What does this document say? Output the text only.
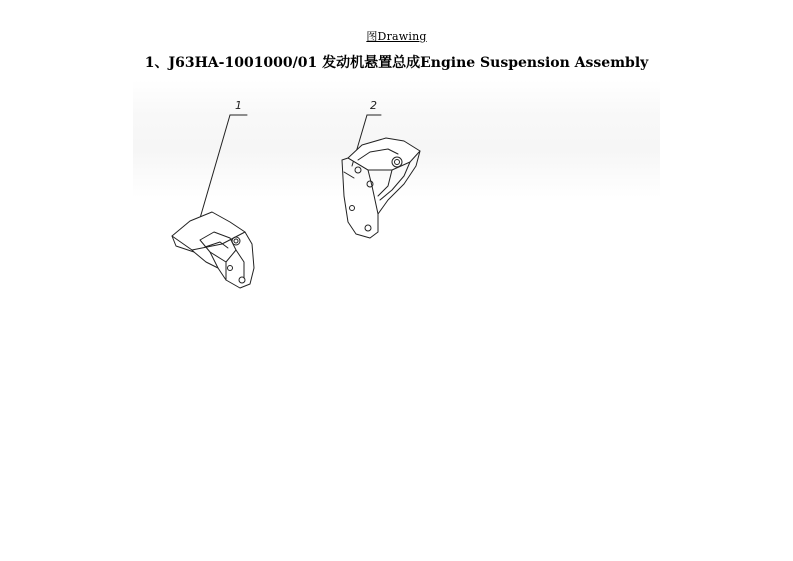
图Drawing
1、J63HA-1001000/01 发动机悬置总成Engine Suspension Assembly
1	2
